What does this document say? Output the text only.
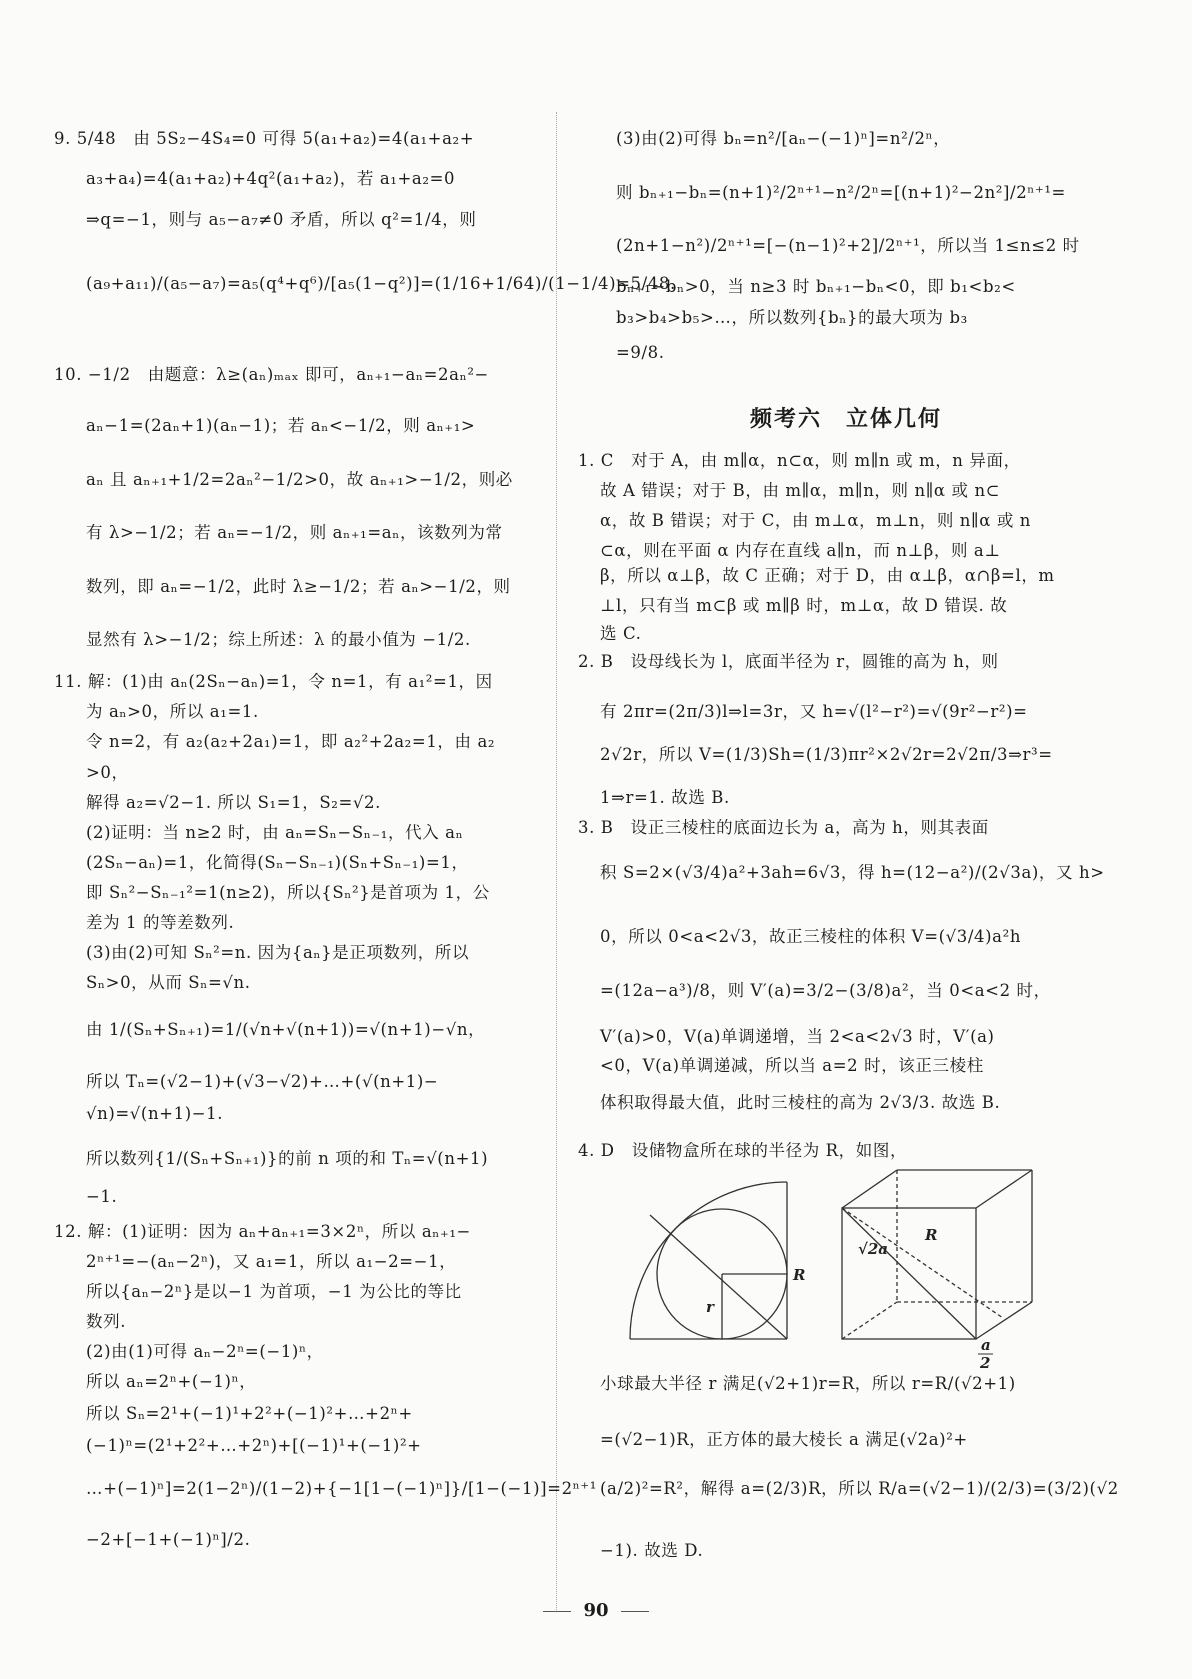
9. 5/48　由 5S₂−4S₄=0 可得 5(a₁+a₂)=4(a₁+a₂+
a₃+a₄)=4(a₁+a₂)+4q²(a₁+a₂)，若 a₁+a₂=0
⇒q=−1，则与 a₅−a₇≠0 矛盾，所以 q²=1/4，则
(a₉+a₁₁)/(a₅−a₇)=a₅(q⁴+q⁶)/[a₅(1−q²)]=(1/16+1/64)/(1−1/4)=5/48.
10. −1/2　由题意：λ≥(aₙ)ₘₐₓ 即可，aₙ₊₁−aₙ=2aₙ²−
aₙ−1=(2aₙ+1)(aₙ−1)；若 aₙ<−1/2，则 aₙ₊₁>
aₙ 且 aₙ₊₁+1/2=2aₙ²−1/2>0，故 aₙ₊₁>−1/2，则必
有 λ>−1/2；若 aₙ=−1/2，则 aₙ₊₁=aₙ，该数列为常
数列，即 aₙ=−1/2，此时 λ≥−1/2；若 aₙ>−1/2，则
显然有 λ>−1/2；综上所述：λ 的最小值为 −1/2.
11. 解：(1)由 aₙ(2Sₙ−aₙ)=1，令 n=1，有 a₁²=1，因
为 aₙ>0，所以 a₁=1.
令 n=2，有 a₂(a₂+2a₁)=1，即 a₂²+2a₂=1，由 a₂
>0，
解得 a₂=√2−1. 所以 S₁=1，S₂=√2.
(2)证明：当 n≥2 时，由 aₙ=Sₙ−Sₙ₋₁，代入 aₙ
(2Sₙ−aₙ)=1，化简得(Sₙ−Sₙ₋₁)(Sₙ+Sₙ₋₁)=1，
即 Sₙ²−Sₙ₋₁²=1(n≥2)，所以{Sₙ²}是首项为 1，公
差为 1 的等差数列.
(3)由(2)可知 Sₙ²=n. 因为{aₙ}是正项数列，所以
Sₙ>0，从而 Sₙ=√n.
由 1/(Sₙ+Sₙ₊₁)=1/(√n+√(n+1))=√(n+1)−√n，
所以 Tₙ=(√2−1)+(√3−√2)+…+(√(n+1)−
√n)=√(n+1)−1.
所以数列{1/(Sₙ+Sₙ₊₁)}的前 n 项的和 Tₙ=√(n+1)
−1.
12. 解：(1)证明：因为 aₙ+aₙ₊₁=3×2ⁿ，所以 aₙ₊₁−
2ⁿ⁺¹=−(aₙ−2ⁿ)，又 a₁=1，所以 a₁−2=−1，
所以{aₙ−2ⁿ}是以−1 为首项，−1 为公比的等比
数列.
(2)由(1)可得 aₙ−2ⁿ=(−1)ⁿ，
所以 aₙ=2ⁿ+(−1)ⁿ，
所以 Sₙ=2¹+(−1)¹+2²+(−1)²+…+2ⁿ+
(−1)ⁿ=(2¹+2²+…+2ⁿ)+[(−1)¹+(−1)²+
…+(−1)ⁿ]=2(1−2ⁿ)/(1−2)+{−1[1−(−1)ⁿ]}/[1−(−1)]=2ⁿ⁺¹
−2+[−1+(−1)ⁿ]/2.
(3)由(2)可得 bₙ=n²/[aₙ−(−1)ⁿ]=n²/2ⁿ，
则 bₙ₊₁−bₙ=(n+1)²/2ⁿ⁺¹−n²/2ⁿ=[(n+1)²−2n²]/2ⁿ⁺¹=
(2n+1−n²)/2ⁿ⁺¹=[−(n−1)²+2]/2ⁿ⁺¹，所以当 1≤n≤2 时
bₙ₊₁−bₙ>0，当 n≥3 时 bₙ₊₁−bₙ<0，即 b₁<b₂<
b₃>b₄>b₅>…，所以数列{bₙ}的最大项为 b₃
=9/8.
1. C　对于 A，由 m∥α，n⊂α，则 m∥n 或 m，n 异面，
故 A 错误；对于 B，由 m∥α，m∥n，则 n∥α 或 n⊂
α，故 B 错误；对于 C，由 m⊥α，m⊥n，则 n∥α 或 n
⊂α，则在平面 α 内存在直线 a∥n，而 n⊥β，则 a⊥
β，所以 α⊥β，故 C 正确；对于 D，由 α⊥β，α∩β=l，m
⊥l，只有当 m⊂β 或 m∥β 时，m⊥α，故 D 错误. 故
选 C.
2. B　设母线长为 l，底面半径为 r，圆锥的高为 h，则
有 2πr=(2π/3)l⇒l=3r，又 h=√(l²−r²)=√(9r²−r²)=
2√2r，所以 V=(1/3)Sh=(1/3)πr²×2√2r=2√2π/3⇒r³=
1⇒r=1. 故选 B.
3. B　设正三棱柱的底面边长为 a，高为 h，则其表面
积 S=2×(√3/4)a²+3ah=6√3，得 h=(12−a²)/(2√3a)，又 h>
0，所以 0<a<2√3，故正三棱柱的体积 V=(√3/4)a²h
=(12a−a³)/8，则 V′(a)=3/2−(3/8)a²，当 0<a<2 时，
V′(a)>0，V(a)单调递增，当 2<a<2√3 时，V′(a)
<0，V(a)单调递减，所以当 a=2 时，该正三棱柱
体积取得最大值，此时三棱柱的高为 2√3/3. 故选 B.
4. D　设储物盒所在球的半径为 R，如图，
小球最大半径 r 满足(√2+1)r=R，所以 r=R/(√2+1)
=(√2−1)R，正方体的最大棱长 a 满足(√2a)²+
(a/2)²=R²，解得 a=(2/3)R，所以 R/a=(√2−1)/(2/3)=(3/2)(√2
−1). 故选 D.
频考六　立体几何
R
r
√2a
R
a
2
90
